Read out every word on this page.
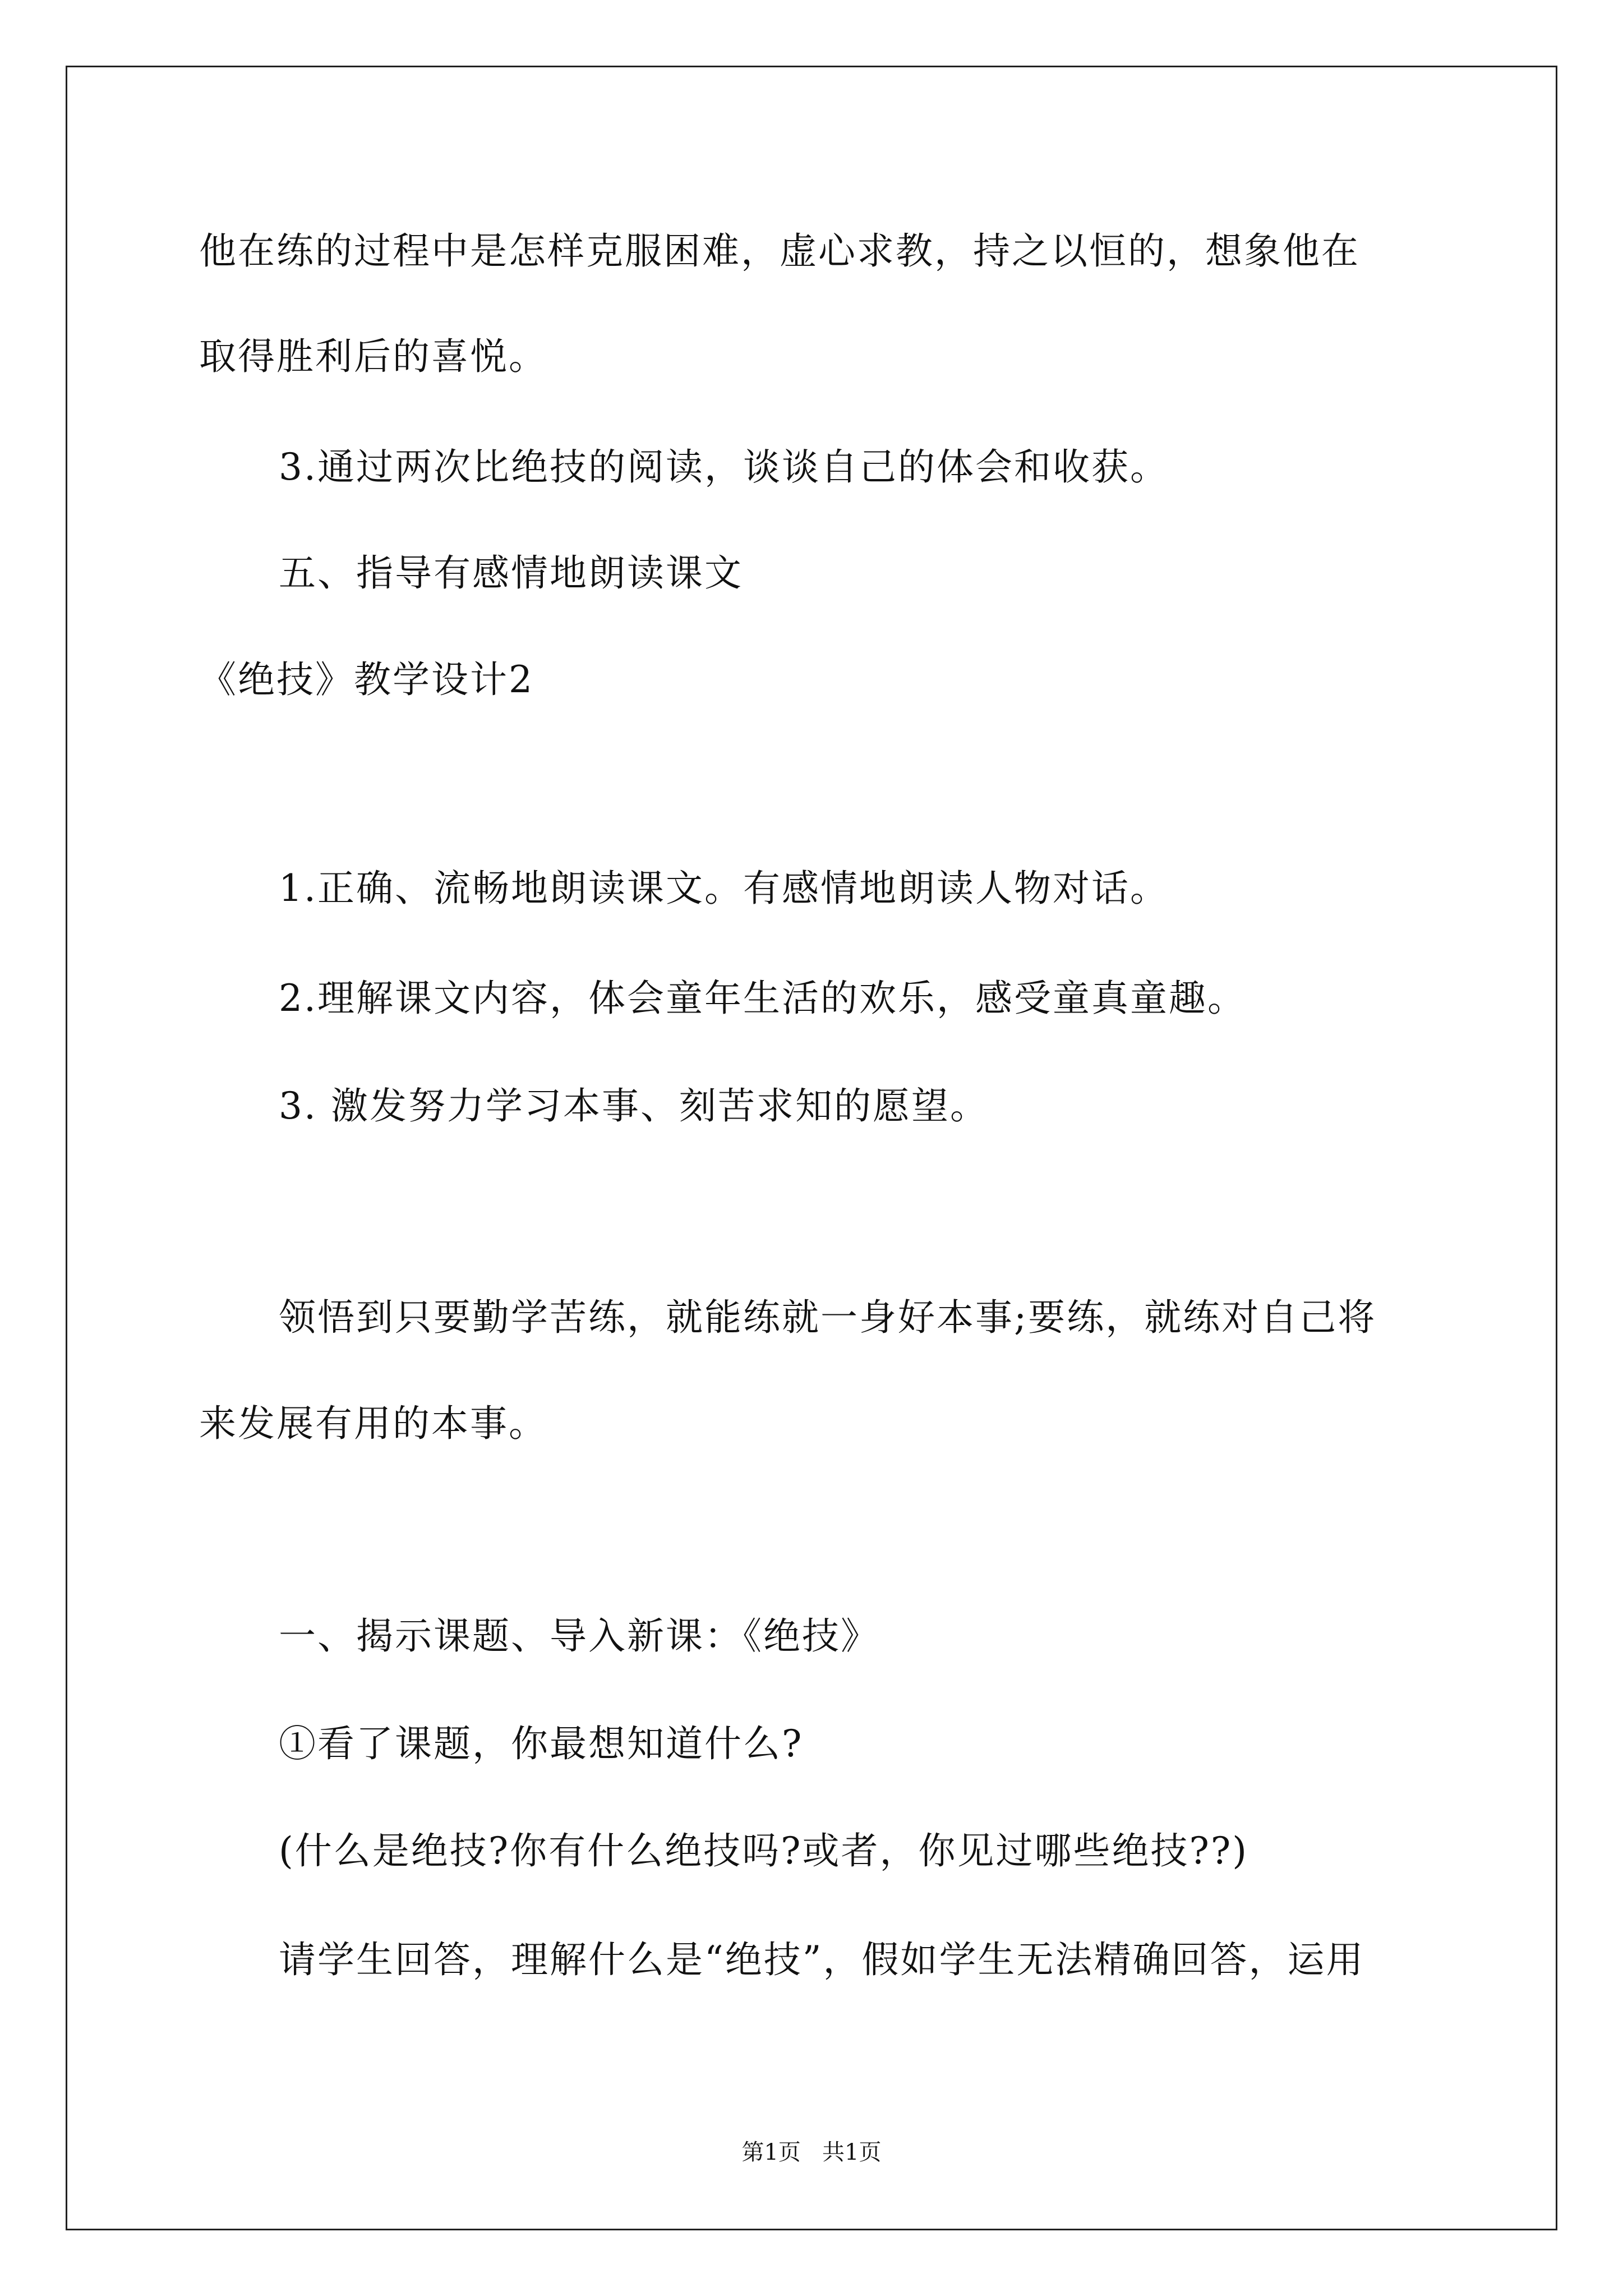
他在练的过程中是怎样克服困难，虚心求教，持之以恒的，想象他在
取得胜利后的喜悦。
3.通过两次比绝技的阅读，谈谈自己的体会和收获。
五、指导有感情地朗读课文
《绝技》教学设计2
1.正确、流畅地朗读课文。有感情地朗读人物对话。
2.理解课文内容，体会童年生活的欢乐，感受童真童趣。
3. 激发努力学习本事、刻苦求知的愿望。
领悟到只要勤学苦练，就能练就一身好本事;要练，就练对自己将
来发展有用的本事。
一、揭示课题、导入新课：《绝技》
①看了课题，你最想知道什么?
(什么是绝技?你有什么绝技吗?或者，你见过哪些绝技??)
请学生回答，理解什么是“绝技”，假如学生无法精确回答，运用
第1页   共1页
